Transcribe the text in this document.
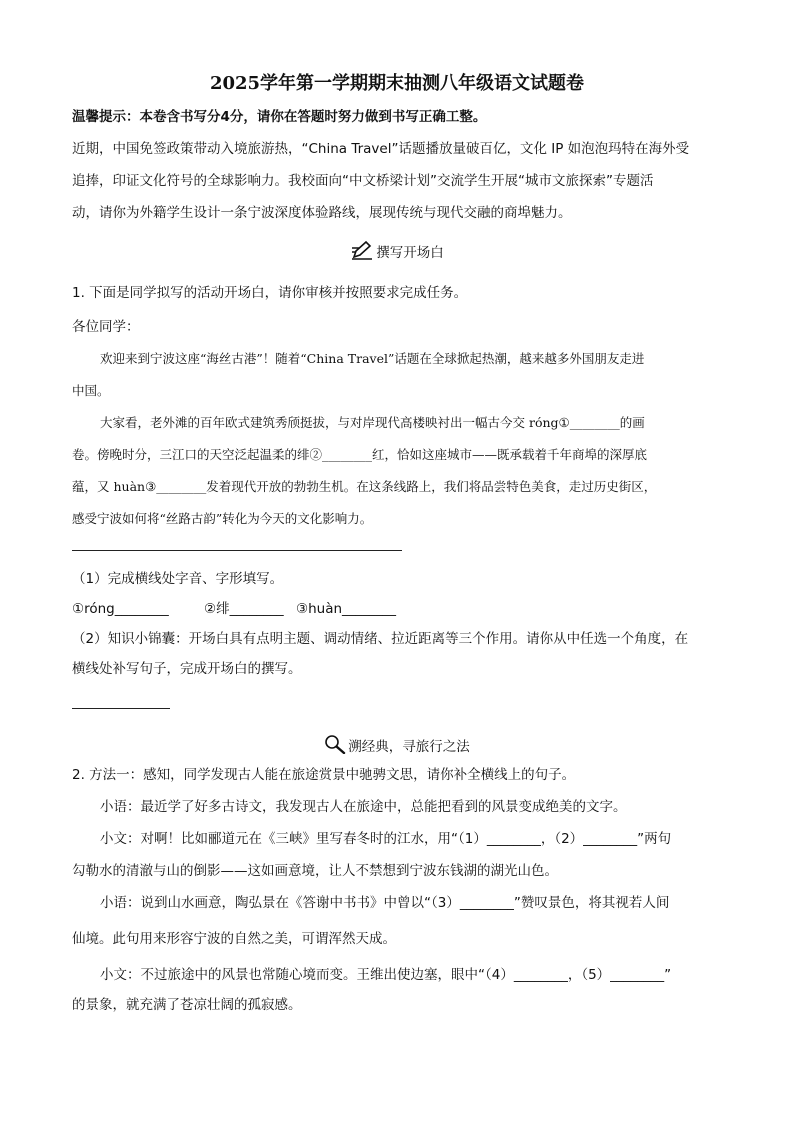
2025学年第一学期期末抽测八年级语文试题卷
温馨提示：本卷含书写分4分，请你在答题时努力做到书写正确工整。
近期，中国免签政策带动入境旅游热，“China Travel”话题播放量破百亿，文化 IP 如泡泡玛特在海外受
追捧，印证文化符号的全球影响力。我校面向“中文桥梁计划”交流学生开展“城市文旅探索”专题活
动，请你为外籍学生设计一条宁波深度体验路线，展现传统与现代交融的商埠魅力。
撰写开场白
1. 下面是同学拟写的活动开场白，请你审核并按照要求完成任务。
各位同学：
欢迎来到宁波这座“海丝古港”！随着“China Travel”话题在全球掀起热潮，越来越多外国朋友走进
中国。
大家看，老外滩的百年欧式建筑秀颀挺拔，与对岸现代高楼映衬出一幅古今交 róng①________的画
卷。傍晚时分，三江口的天空泛起温柔的绯②________红，恰如这座城市——既承载着千年商埠的深厚底
蕴，又 huàn③________发着现代开放的勃勃生机。在这条线路上，我们将品尝特色美食，走过历史街区，
感受宁波如何将“丝路古韵”转化为今天的文化影响力。
（1）完成横线处字音、字形填写。
①róng________	②绯________ ③huàn________
（2）知识小锦囊：开场白具有点明主题、调动情绪、拉近距离等三个作用。请你从中任选一个角度，在
横线处补写句子，完成开场白的撰写。
溯经典，寻旅行之法
2. 方法一：感知，同学发现古人能在旅途赏景中驰骋文思，请你补全横线上的句子。
小语：最近学了好多古诗文，我发现古人在旅途中，总能把看到的风景变成绝美的文字。
小文：对啊！比如郦道元在《三峡》里写春冬时的江水，用“（1）________，（2）________”两句
勾勒水的清澈与山的倒影——这如画意境，让人不禁想到宁波东钱湖的湖光山色。
小语：说到山水画意，陶弘景在《答谢中书书》中曾以“（3）________”赞叹景色，将其视若人间
仙境。此句用来形容宁波的自然之美，可谓浑然天成。
小文：不过旅途中的风景也常随心境而变。王维出使边塞，眼中“（4）________，（5）________”
的景象，就充满了苍凉壮阔的孤寂感。
